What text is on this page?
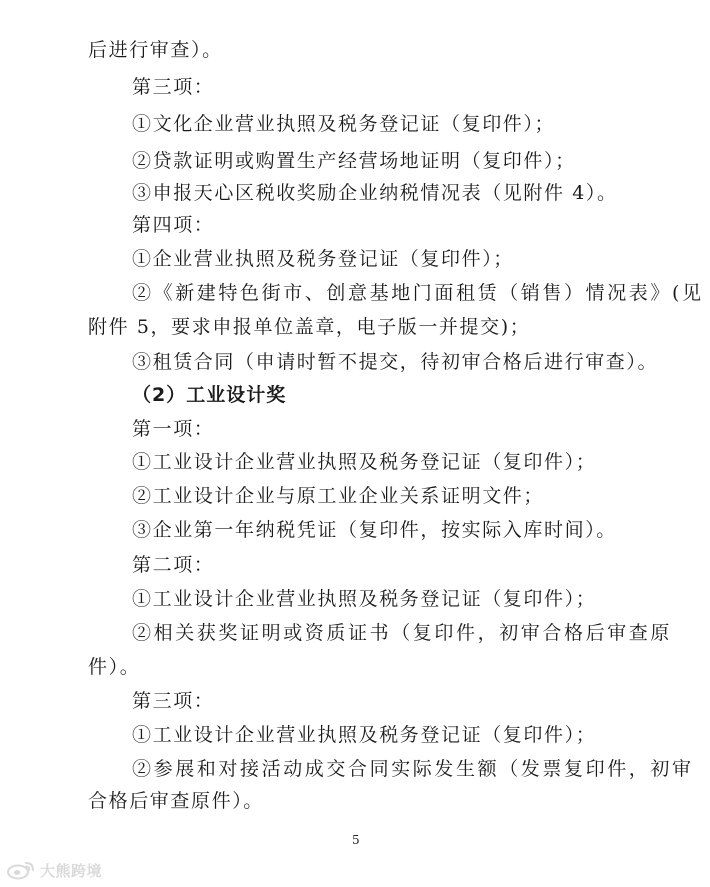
后进行审查）。
第三项：
①文化企业营业执照及税务登记证（复印件）；
②贷款证明或购置生产经营场地证明（复印件）；
③申报天心区税收奖励企业纳税情况表（见附件 4）。
第四项：
①企业营业执照及税务登记证（复印件）；
②《新建特色街市、创意基地门面租赁（销售）情况表》(见
附件 5，要求申报单位盖章，电子版一并提交)；
③租赁合同（申请时暂不提交，待初审合格后进行审查）。
（2）工业设计奖
第一项：
①工业设计企业营业执照及税务登记证（复印件）；
②工业设计企业与原工业企业关系证明文件；
③企业第一年纳税凭证（复印件，按实际入库时间）。
第二项：
①工业设计企业营业执照及税务登记证（复印件）；
②相关获奖证明或资质证书（复印件，初审合格后审查原
件）。
第三项：
①工业设计企业营业执照及税务登记证（复印件）；
②参展和对接活动成交合同实际发生额（发票复印件，初审
合格后审查原件）。
5
大熊跨境
